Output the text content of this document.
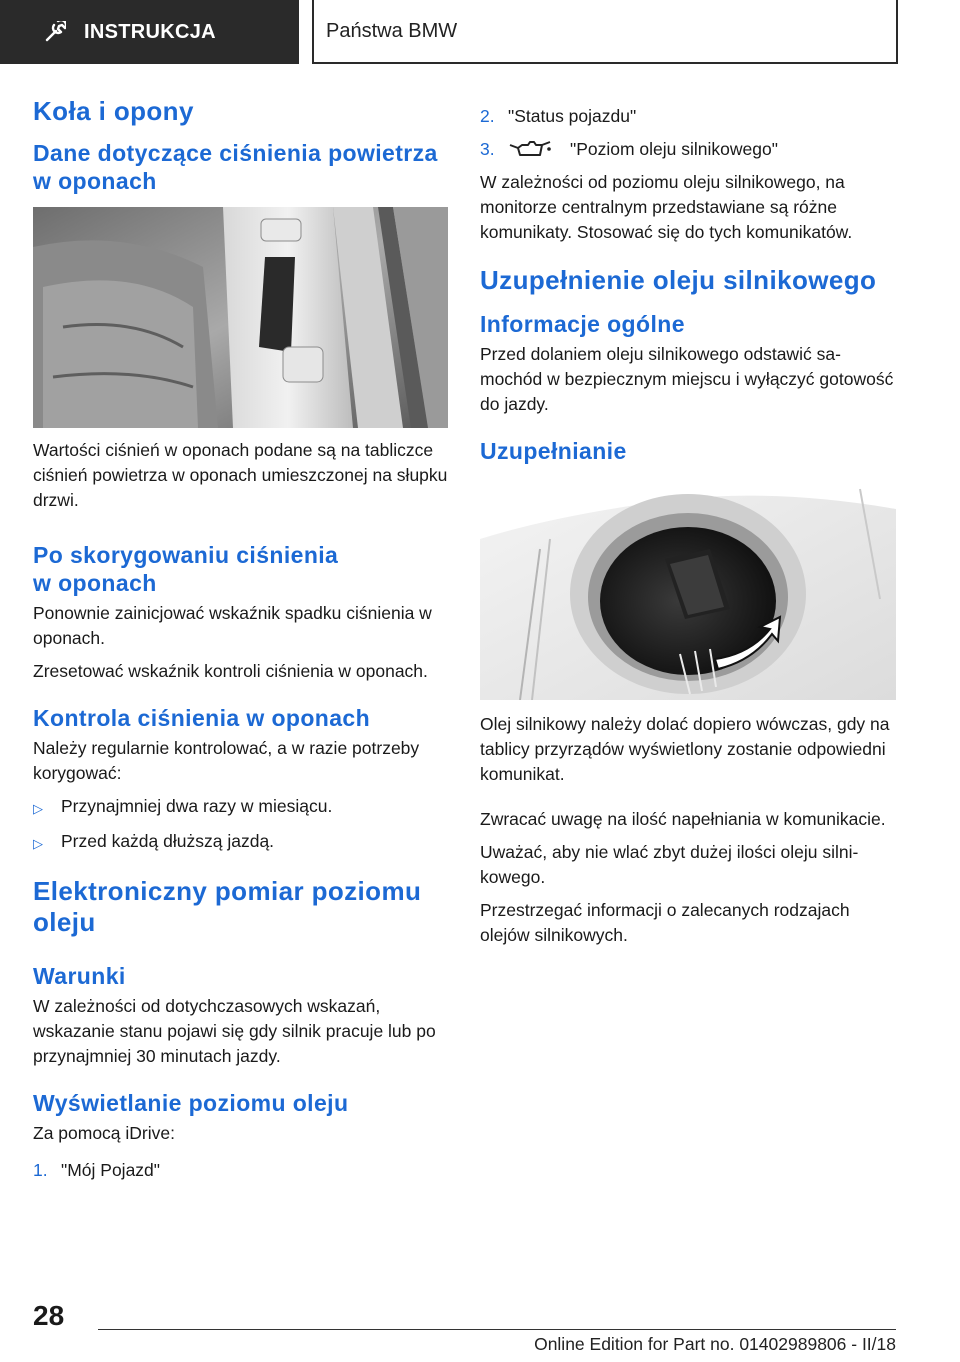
INSTRUKCJA	Państwa BMW
Koła i opony
Dane dotyczące ciśnienia powietrza w oponach

Wartości ciśnień w oponach podane są na tabliczce ciśnień powietrza w oponach umieszczonej na słupku drzwi.

Po skorygowaniu ciśnienia w oponach

Ponownie zainicjować wskaźnik spadku ciśnienia w oponach.

Zresetować wskaźnik kontroli ciśnienia w oponach.

Kontrola ciśnienia w oponach

Należy regularnie kontrolować, a w razie potrzeby korygować:

▷	Przynajmniej dwa razy w miesiącu.
▷	Przed każdą dłuższą jazdą.
Elektroniczny pomiar poziomu oleju
Warunki

W zależności od dotychczasowych wskazań, wskazanie stanu pojawi się gdy silnik pracuje lub po przynajmniej 30 minutach jazdy.

Wyświetlanie poziomu oleju

Za pomocą iDrive:

1. "Mój Pojazd"
2. "Status pojazdu"
3.	"Poziom oleju silnikowego"

W zależności od poziomu oleju silnikowego, na monitorze centralnym przedstawiane są różne komunikaty. Stosować się do tych komunikatów.

Uzupełnienie oleju silnikowego
Informacje ogólne

Przed dolaniem oleju silnikowego odstawić samochód w bezpiecznym miejscu i wyłączyć gotowość do jazdy.

Uzupełnianie

Olej silnikowy należy dolać dopiero wówczas, gdy na tablicy przyrządów wyświetlony zostanie odpowiedni komunikat.

Zwracać uwagę na ilość napełniania w komunikacie.

Uważać, aby nie wlać zbyt dużej ilości oleju silnikowego.

Przestrzegać informacji o zalecanych rodzajach olejów silnikowych.

28
Online Edition for Part no. 01402989806 - II/18
